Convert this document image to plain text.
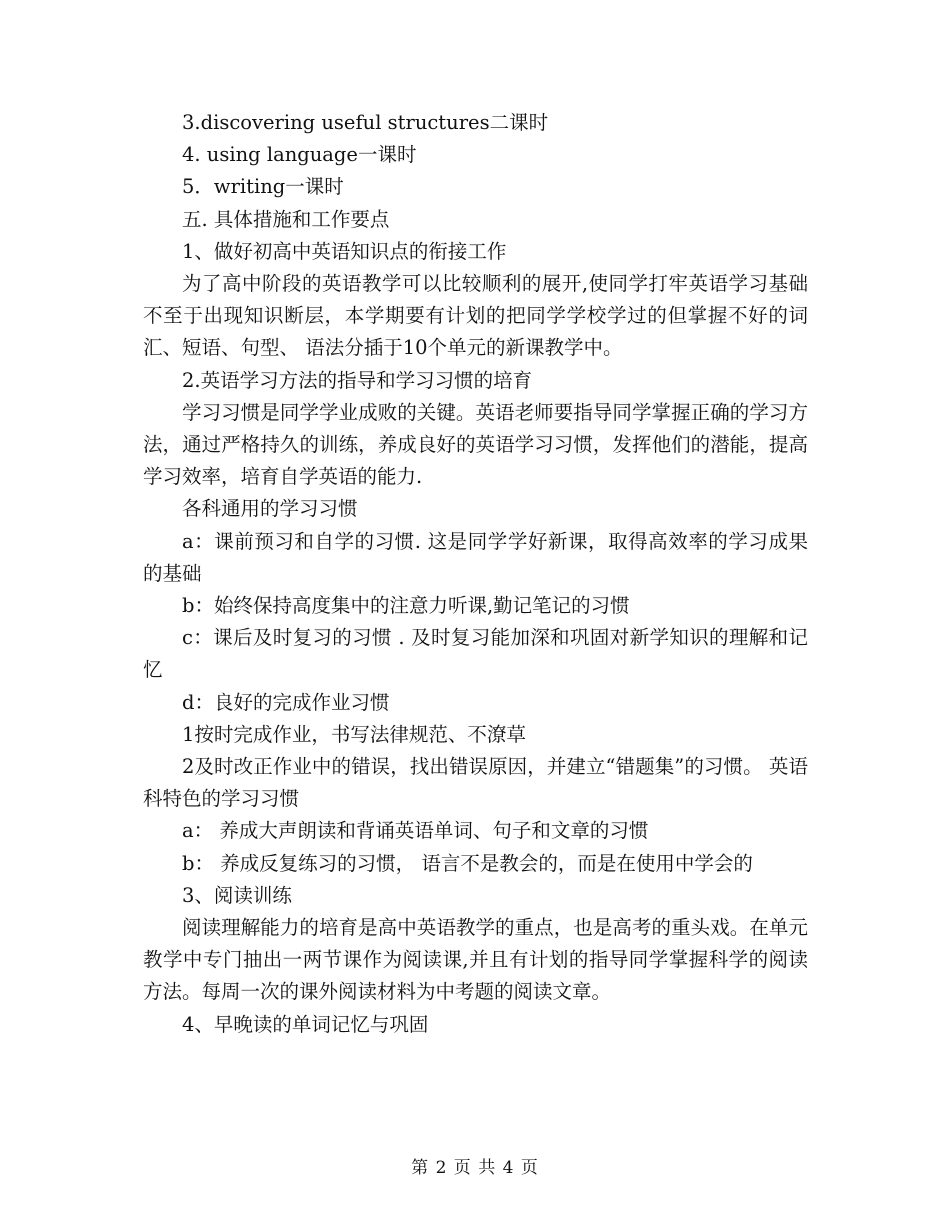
3.discovering useful structures二课时

4. using language一课时

5．writing一课时

五. 具体措施和工作要点

1、做好初高中英语知识点的衔接工作

为了高中阶段的英语教学可以比较顺利的展开,使同学打牢英语学习基础不至于出现知识断层，本学期要有计划的把同学学校学过的但掌握不好的词汇、短语、句型、 语法分插于10个单元的新课教学中。

2.英语学习方法的指导和学习习惯的培育

学习习惯是同学学业成败的关键。英语老师要指导同学掌握正确的学习方法，通过严格持久的训练，养成良好的英语学习习惯，发挥他们的潜能，提高学习效率，培育自学英语的能力.

各科通用的学习习惯

a：课前预习和自学的习惯. 这是同学学好新课，取得高效率的学习成果的基础

b：始终保持高度集中的注意力听课,勤记笔记的习惯

c：课后及时复习的习惯 . 及时复习能加深和巩固对新学知识的理解和记忆

d：良好的完成作业习惯

1按时完成作业，书写法律规范、不潦草

2及时改正作业中的错误，找出错误原因，并建立“错题集”的习惯。 英语科特色的学习习惯

a： 养成大声朗读和背诵英语单词、句子和文章的习惯

b： 养成反复练习的习惯， 语言不是教会的，而是在使用中学会的

3、阅读训练

阅读理解能力的培育是高中英语教学的重点，也是高考的重头戏。在单元教学中专门抽出一两节课作为阅读课,并且有计划的指导同学掌握科学的阅读方法。每周一次的课外阅读材料为中考题的阅读文章。

4、早晚读的单词记忆与巩固

第 2 页 共 4 页
